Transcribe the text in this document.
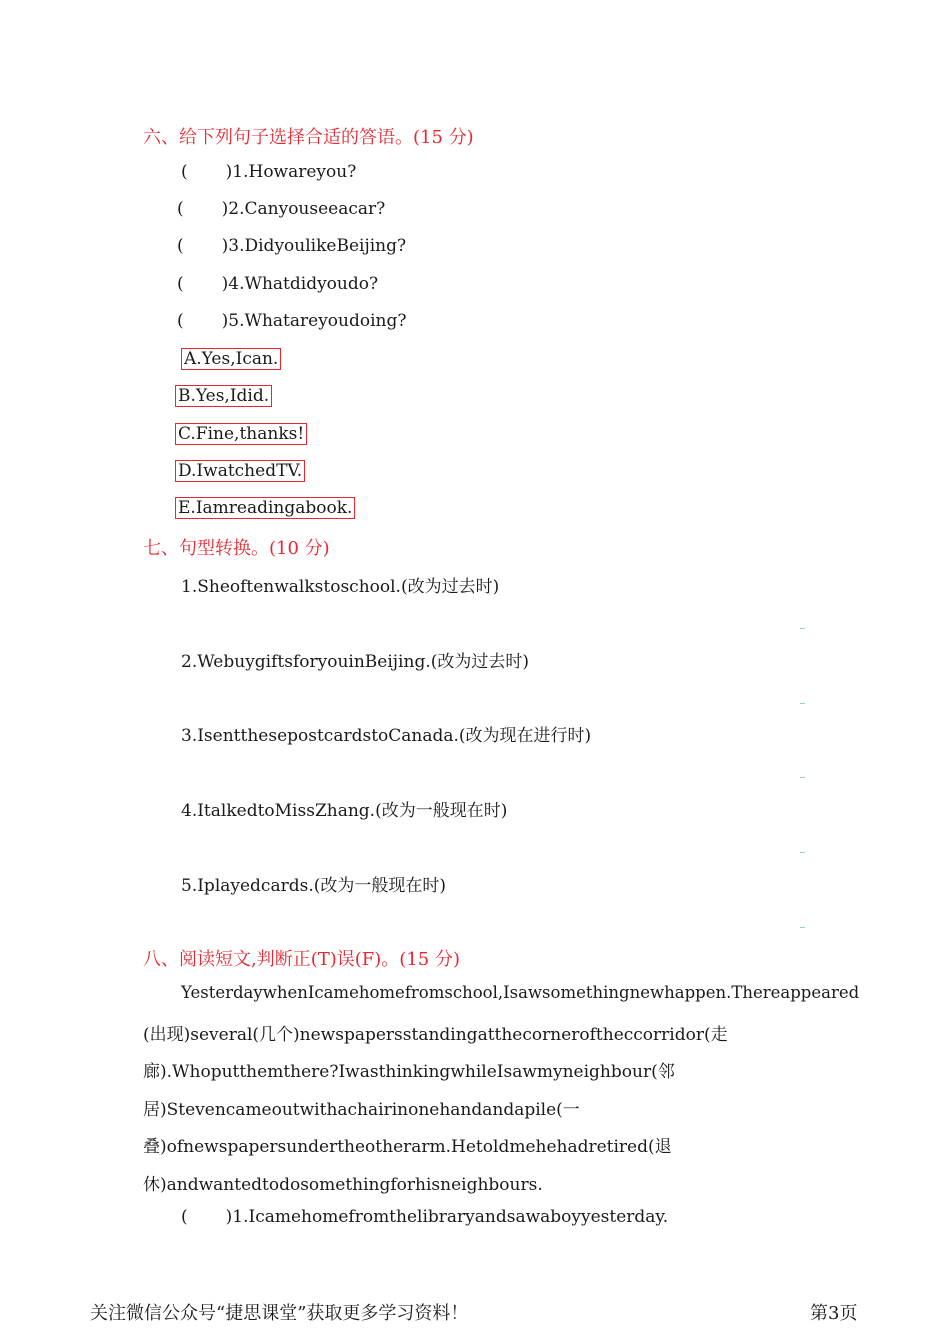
六、给下列句子选择合适的答语。(15 分)
( )1.Howareyou?
( )2.Canyouseeacar?
( )3.DidyoulikeBeijing?
( )4.Whatdidyoudo?
( )5.Whatareyoudoing?
A.Yes,Ican.
B.Yes,Idid.
C.Fine,thanks!
D.IwatchedTV.
E.Iamreadingabook.
七、句型转换。(10 分)
1.Sheoftenwalkstoschool.(改为过去时)
2.WebuygiftsforyouinBeijing.(改为过去时)
3.IsentthesepostcardstoCanada.(改为现在进行时)
4.ItalkedtoMissZhang.(改为一般现在时)
5.Iplayedcards.(改为一般现在时)
八、阅读短文,判断正(T)误(F)。(15 分)
YesterdaywhenIcamehomefromschool,Isawsomethingnewhappen.Thereappeared
(出现)several(几个)newspapersstandingatthecorneroftheccorridor(走
廊).Whoputthemthere?IwasthinkingwhileIsawmyneighbour(邻
居)Stevencameoutwithachairinonehandandapile(一
叠)ofnewspapersundertheotherarm.Hetoldmehehadretired(退
休)andwantedtodosomethingforhisneighbours.
( )1.Icamehomefromthelibraryandsawaboyyesterday.
关注微信公众号“捷思课堂”获取更多学习资料！	第3页
